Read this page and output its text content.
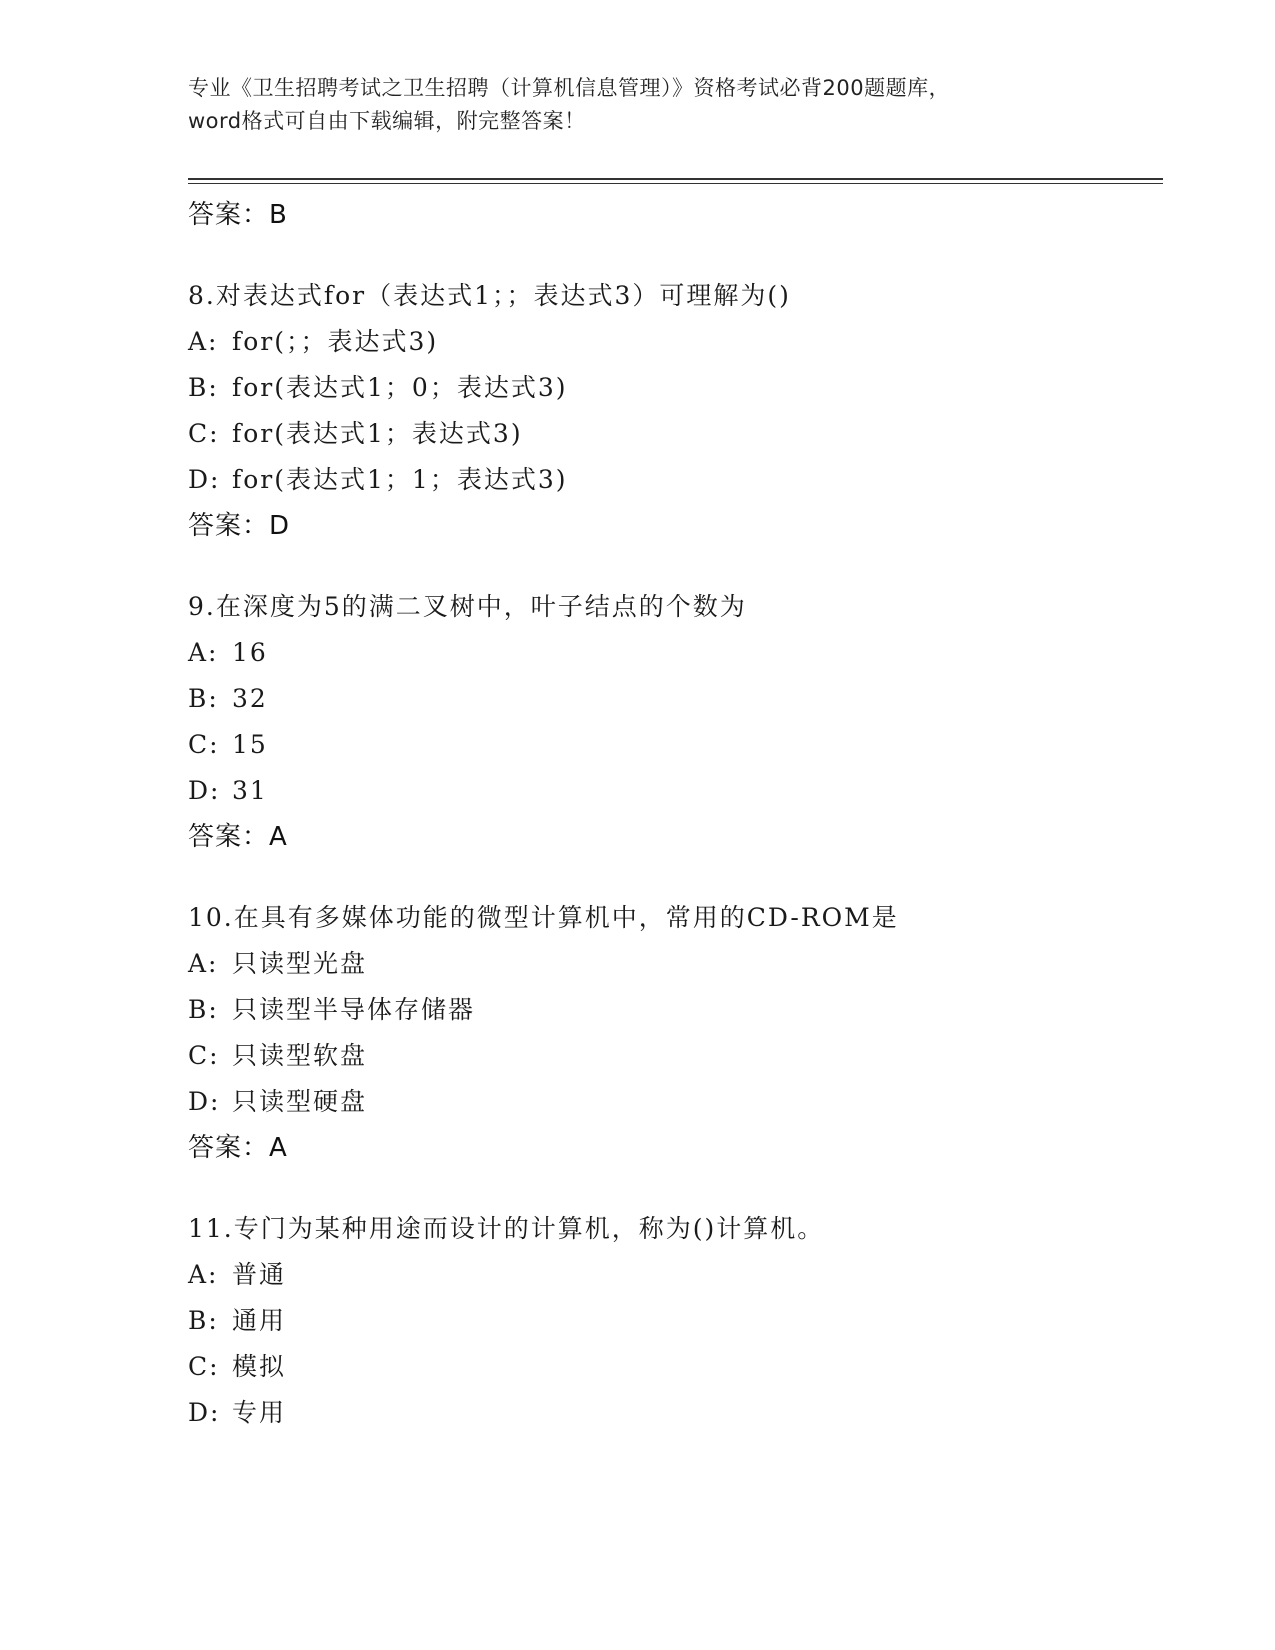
专业《卫生招聘考试之卫生招聘（计算机信息管理）》资格考试必背200题题库，
word格式可自由下载编辑，附完整答案！
答案：B
8.对表达式for（表达式1；；表达式3）可理解为()
A: for(；；表达式3)
B: for(表达式1；0；表达式3)
C: for(表达式1；表达式3)
D: for(表达式1；1；表达式3)
答案：D
9.在深度为5的满二叉树中，叶子结点的个数为
A: 16
B: 32
C: 15
D: 31
答案：A
10.在具有多媒体功能的微型计算机中，常用的CD-ROM是
A: 只读型光盘
B: 只读型半导体存储器
C: 只读型软盘
D: 只读型硬盘
答案：A
11.专门为某种用途而设计的计算机，称为()计算机。
A: 普通
B: 通用
C: 模拟
D: 专用
